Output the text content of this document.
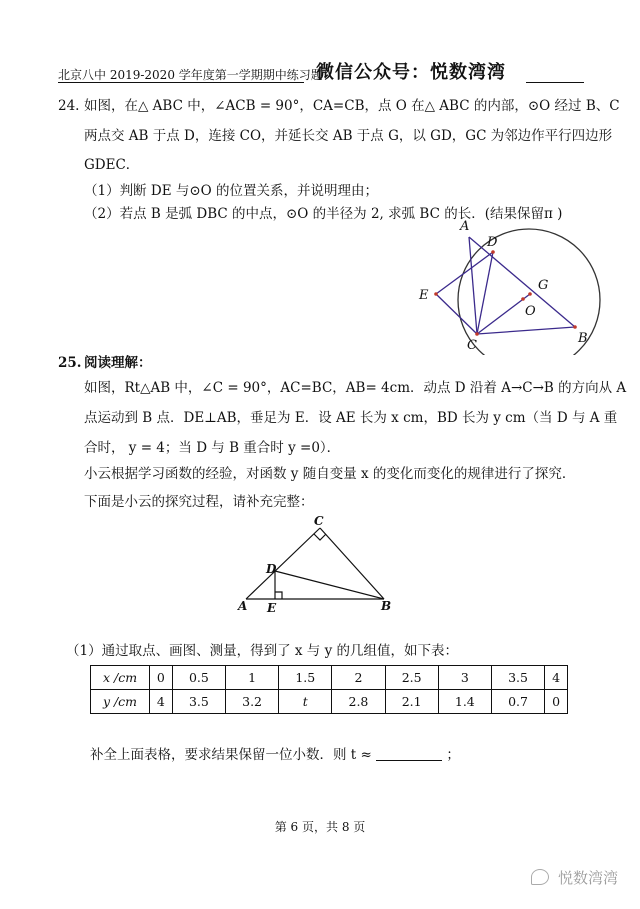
北京八中 2019-2020 学年度第一学期期中练习题
微信公众号：悦数湾湾
24. 如图，在△ ABC 中，∠ACB = 90°，CA=CB，点 O 在△ ABC 的内部，⊙O 经过 B、C
两点交 AB 于点 D，连接 CO，并延长交 AB 于点 G，以 GD，GC 为邻边作平行四边形
GDEC．
（1）判断 DE 与⊙O 的位置关系，并说明理由；
（2）若点 B 是弧 DBC 的中点，⊙O 的半径为 2, 求弧 BC 的长．(结果保留π )
A
D
E
G
O
C	B
25. 阅读理解：
如图，Rt△AB 中，∠C = 90°，AC=BC，AB= 4cm．动点 D 沿着 A→C→B 的方向从 A
点运动到 B 点．DE⊥AB，垂足为 E．设 AE 长为 x cm，BD 长为 y cm（当 D 与 A 重
合时， y = 4；当 D 与 B 重合时 y =0）．
小云根据学习函数的经验，对函数 y 随自变量 x 的变化而变化的规律进行了探究．
下面是小云的探究过程，请补充完整：
C
D
A E	B
（1）通过取点、画图、测量，得到了 x 与 y 的几组值，如下表：
x /cm	0	0.5	1	1.5	2	2.5	3	3.5	4
y /cm	4	3.5	3.2	t	2.8	2.1	1.4	0.7	0
补全上面表格，要求结果保留一位小数．则 t ≈	；
第 6 页，共 8 页
悦数湾湾
